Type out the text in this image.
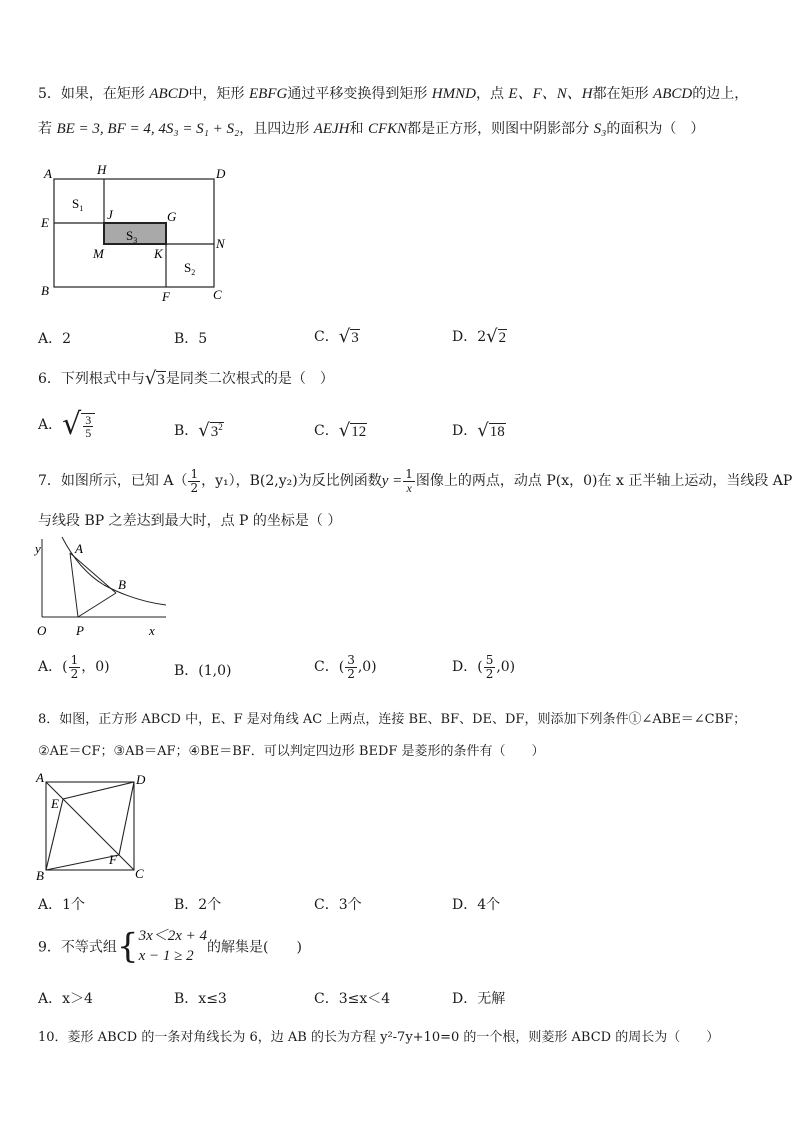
5．如果，在矩形 ABCD中，矩形 EBFG通过平移变换得到矩形 HMND，点 E、F、N、H都在矩形 ABCD的边上，
若 BE = 3, BF = 4, 4S₃ = S₁ + S₂，且四边形 AEJH和 CFKN都是正方形，则图中阴影部分 S₃的面积为（　）
A	H	D
E
J	G
N
M	K
B	F	C
$S_1$
$S_3$
$S_2$
A．2	B．5	C． √ 3	D．2 √ 2
6．下列根式中与 √ 3 是同类二次根式的是（　）
A． √ $\frac{3}{5}$	B． √ $3^2$	C． √ 12	D． √ 18
7．如图所示，已知 $A( \frac{1}{2}$ ，y₁），B(2,y₂)为反比例函数$y = \frac{1}{x}$ 图像上的两点，动点 P(x，0)在 x 正半轴上运动，当线段 AP
与线段 BP 之差达到最大时，点 P 的坐标是（ ）
y	A
B
O P	x
A．( $\frac{1}{2}$ ，0)	B．(1,0)	C．( $\frac{3}{2} ,0$)	D．( $\frac{5}{2} ,0$)
8．如图，正方形 ABCD 中，E、F 是对角线 AC 上两点，连接 BE、BF、DE、DF，则添加下列条件①∠ABE＝∠CBF；
②AE＝CF；③AB＝AF；④BE＝BF．可以判定四边形 BEDF 是菱形的条件有（　　）
A	D
E
F
B	C
A．1个	B．2个	C．3个	D．4个
9．不等式组{ 3x＜2x + 4
x − 1 ≥ 2
的解集是(　　)
A．x＞4	B．x≤3	C．3≤x＜4	D．无解
10．菱形 ABCD 的一条对角线长为 6，边 AB 的长为方程 y²-7y+10=0 的一个根，则菱形 ABCD 的周长为（　　）
